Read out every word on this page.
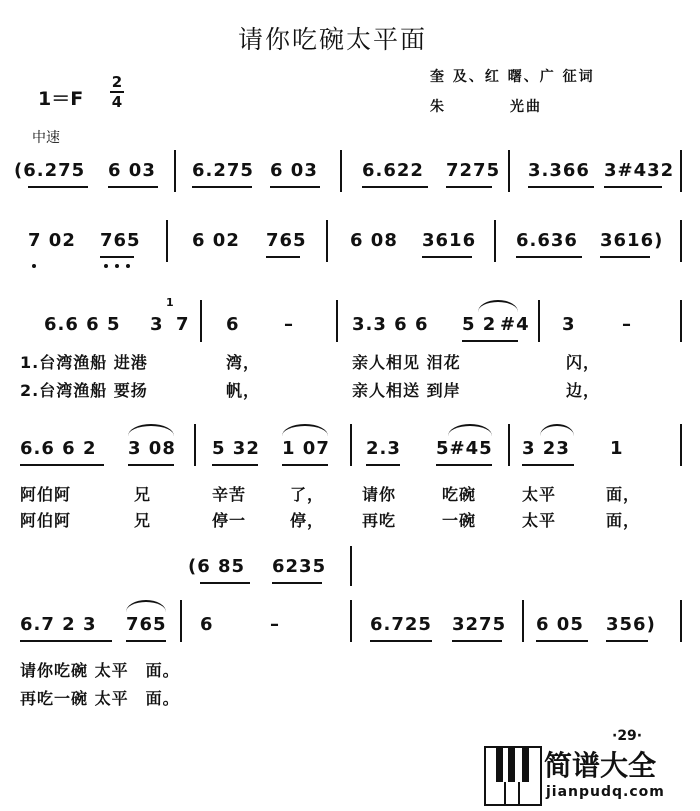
请你吃碗太平面
1＝F
2
4
奎 及、红 曙、广 征词
朱　　　　光曲
中速
(6.275 6 03 6.275 6 03 6.622 7275 3.366 3#432
7 02 765	6 02 765 6 08 3616 6.636 3616)
6.6 6 5 3
1
7 6 –	3.3 6 6 5 2 #4 3	–
1.台湾渔船 进港	湾，	亲人相见 泪花	闪，
2.台湾渔船 要扬	帆，	亲人相送 到岸	边，
6.6 6 2 3 08 5 32 1 07 2.3 5#45 3 23 1
阿伯阿	兄	辛苦	了， 请你	吃碗	太平	面，
阿伯阿	兄	停一	停， 再吃	一碗	太平	面，
(6 85 6235
6.7 2 3 765 6	–	6.725 3275 6 05 356)
请你吃碗 太平　面。
再吃一碗 太平　面。
·29·
简谱大全
jianpudq.com
